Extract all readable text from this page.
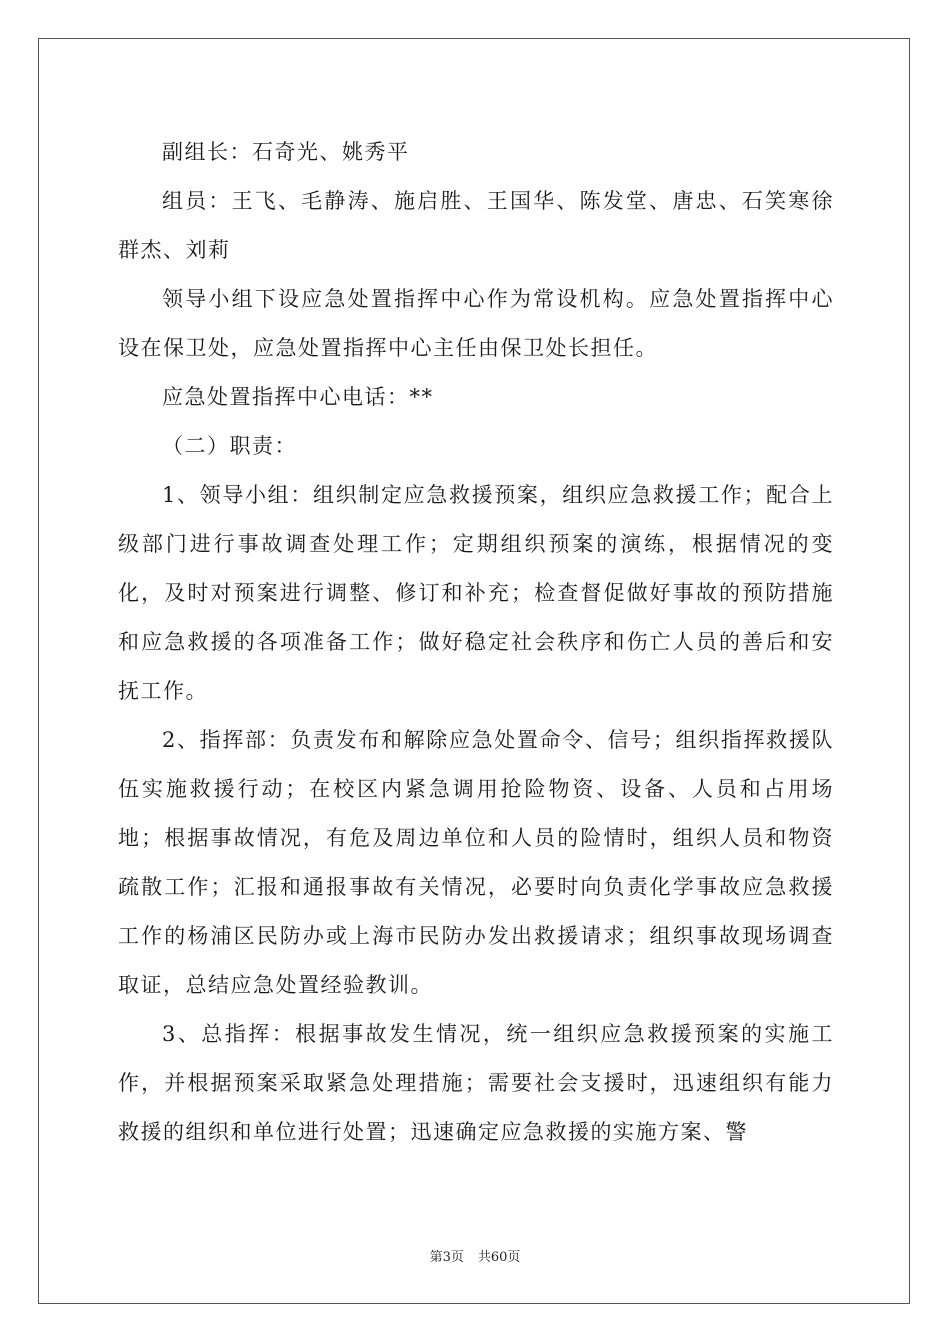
副组长：石奇光、姚秀平

组员：王飞、毛静涛、施启胜、王国华、陈发堂、唐忠、石笑寒徐群杰、刘莉

领导小组下设应急处置指挥中心作为常设机构。应急处置指挥中心设在保卫处，应急处置指挥中心主任由保卫处长担任。

应急处置指挥中心电话：**

（二）职责：

1、领导小组：组织制定应急救援预案，组织应急救援工作；配合上级部门进行事故调查处理工作；定期组织预案的演练，根据情况的变化，及时对预案进行调整、修订和补充；检查督促做好事故的预防措施和应急救援的各项准备工作；做好稳定社会秩序和伤亡人员的善后和安抚工作。

2、指挥部：负责发布和解除应急处置命令、信号；组织指挥救援队伍实施救援行动；在校区内紧急调用抢险物资、设备、人员和占用场地；根据事故情况，有危及周边单位和人员的险情时，组织人员和物资疏散工作；汇报和通报事故有关情况，必要时向负责化学事故应急救援工作的杨浦区民防办或上海市民防办发出救援请求；组织事故现场调查取证，总结应急处置经验教训。

3、总指挥：根据事故发生情况，统一组织应急救援预案的实施工作，并根据预案采取紧急处理措施；需要社会支援时，迅速组织有能力救援的组织和单位进行处置；迅速确定应急救援的实施方案、警

第3页 共60页
